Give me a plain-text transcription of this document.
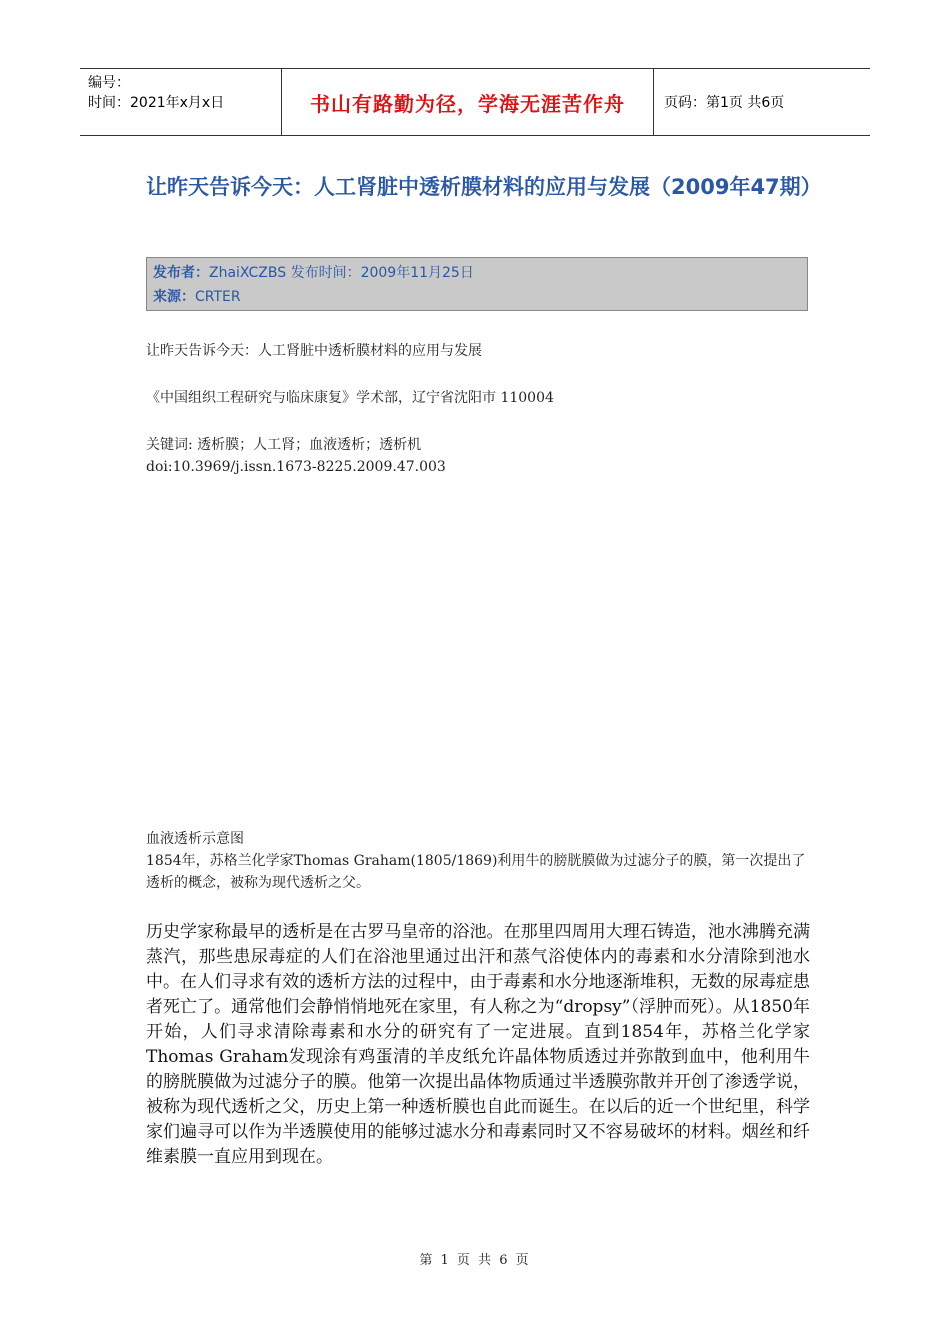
编号：
时间：2021年x月x日	书山有路勤为径，学海无涯苦作舟	页码：第1页 共6页
让昨天告诉今天：人工肾脏中透析膜材料的应用与发展（2009年47期）
发布者：ZhaiXCZBS 发布时间：2009年11月25日
来源：CRTER
让昨天告诉今天：人工肾脏中透析膜材料的应用与发展
《中国组织工程研究与临床康复》学术部，辽宁省沈阳市 110004
关键词: 透析膜；人工肾；血液透析；透析机
doi:10.3969/j.issn.1673-8225.2009.47.003
血液透析示意图
1854年，苏格兰化学家Thomas Graham(1805/1869)利用牛的膀胱膜做为过滤分子的膜，第一次提出了透析的概念，被称为现代透析之父。
历史学家称最早的透析是在古罗马皇帝的浴池。在那里四周用大理石铸造，池水沸腾充满蒸汽，那些患尿毒症的人们在浴池里通过出汗和蒸气浴使体内的毒素和水分清除到池水中。在人们寻求有效的透析方法的过程中，由于毒素和水分地逐渐堆积，无数的尿毒症患者死亡了。通常他们会静悄悄地死在家里，有人称之为“dropsy”（浮肿而死）。从1850年开始，人们寻求清除毒素和水分的研究有了一定进展。直到1854年，苏格兰化学家Thomas Graham发现涂有鸡蛋清的羊皮纸允许晶体物质透过并弥散到血中，他利用牛的膀胱膜做为过滤分子的膜。他第一次提出晶体物质通过半透膜弥散并开创了渗透学说，被称为现代透析之父，历史上第一种透析膜也自此而诞生。在以后的近一个世纪里，科学家们遍寻可以作为半透膜使用的能够过滤水分和毒素同时又不容易破坏的材料。烟丝和纤维素膜一直应用到现在。
第 1 页 共 6 页
